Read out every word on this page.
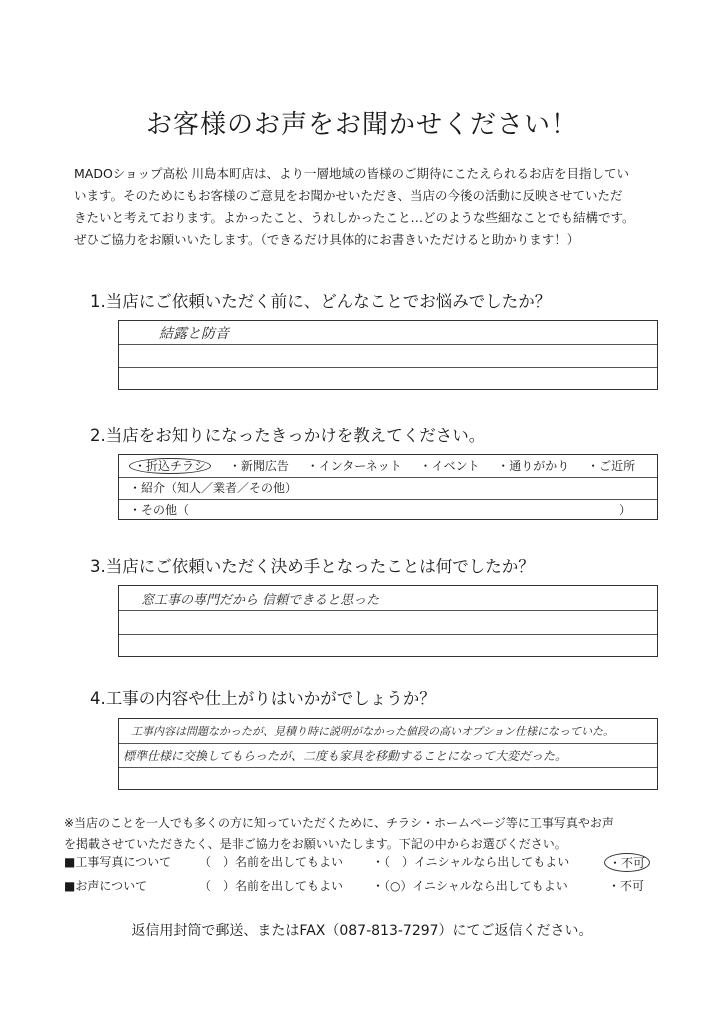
お客様のお声をお聞かせください！
MADOショップ高松 川島本町店は、より一層地域の皆様のご期待にこたえられるお店を目指してい
います。そのためにもお客様のご意見をお聞かせいただき、当店の今後の活動に反映させていただ
きたいと考えております。よかったこと、うれしかったこと…どのような些細なことでも結構です。
ぜひご協力をお願いいたします。（できるだけ具体的にお書きいただけると助かります！）
1.当店にご依頼いただく前に、どんなことでお悩みでしたか？
結露と防音
2.当店をお知りになったきっかけを教えてください。
・折込チラシ ・新聞広告 ・インターネット ・イベント ・通りがかり ・ご近所
・紹介（知人／業者／その他）
・その他（	）
3.当店にご依頼いただく決め手となったことは何でしたか？
窓工事の専門だから 信頼できると思った
4.工事の内容や仕上がりはいかがでしょうか？
工事内容は問題なかったが、見積り時に説明がなかった値段の高いオプション仕様になっていた。
標準仕様に交換してもらったが、二度も家具を移動することになって大変だった。
※当店のことを一人でも多くの方に知っていただくために、チラシ・ホームページ等に工事写真やお声
を掲載させていただきたく、是非ご協力をお願いいたします。下記の中からお選びください。
■工事写真について （　）名前を出してもよい ・（　）イニシャルなら出してもよい	・不可
■お声について	（　）名前を出してもよい ・（○）イニシャルなら出してもよい	・不可
返信用封筒で郵送、またはFAX（087-813-7297）にてご返信ください。
